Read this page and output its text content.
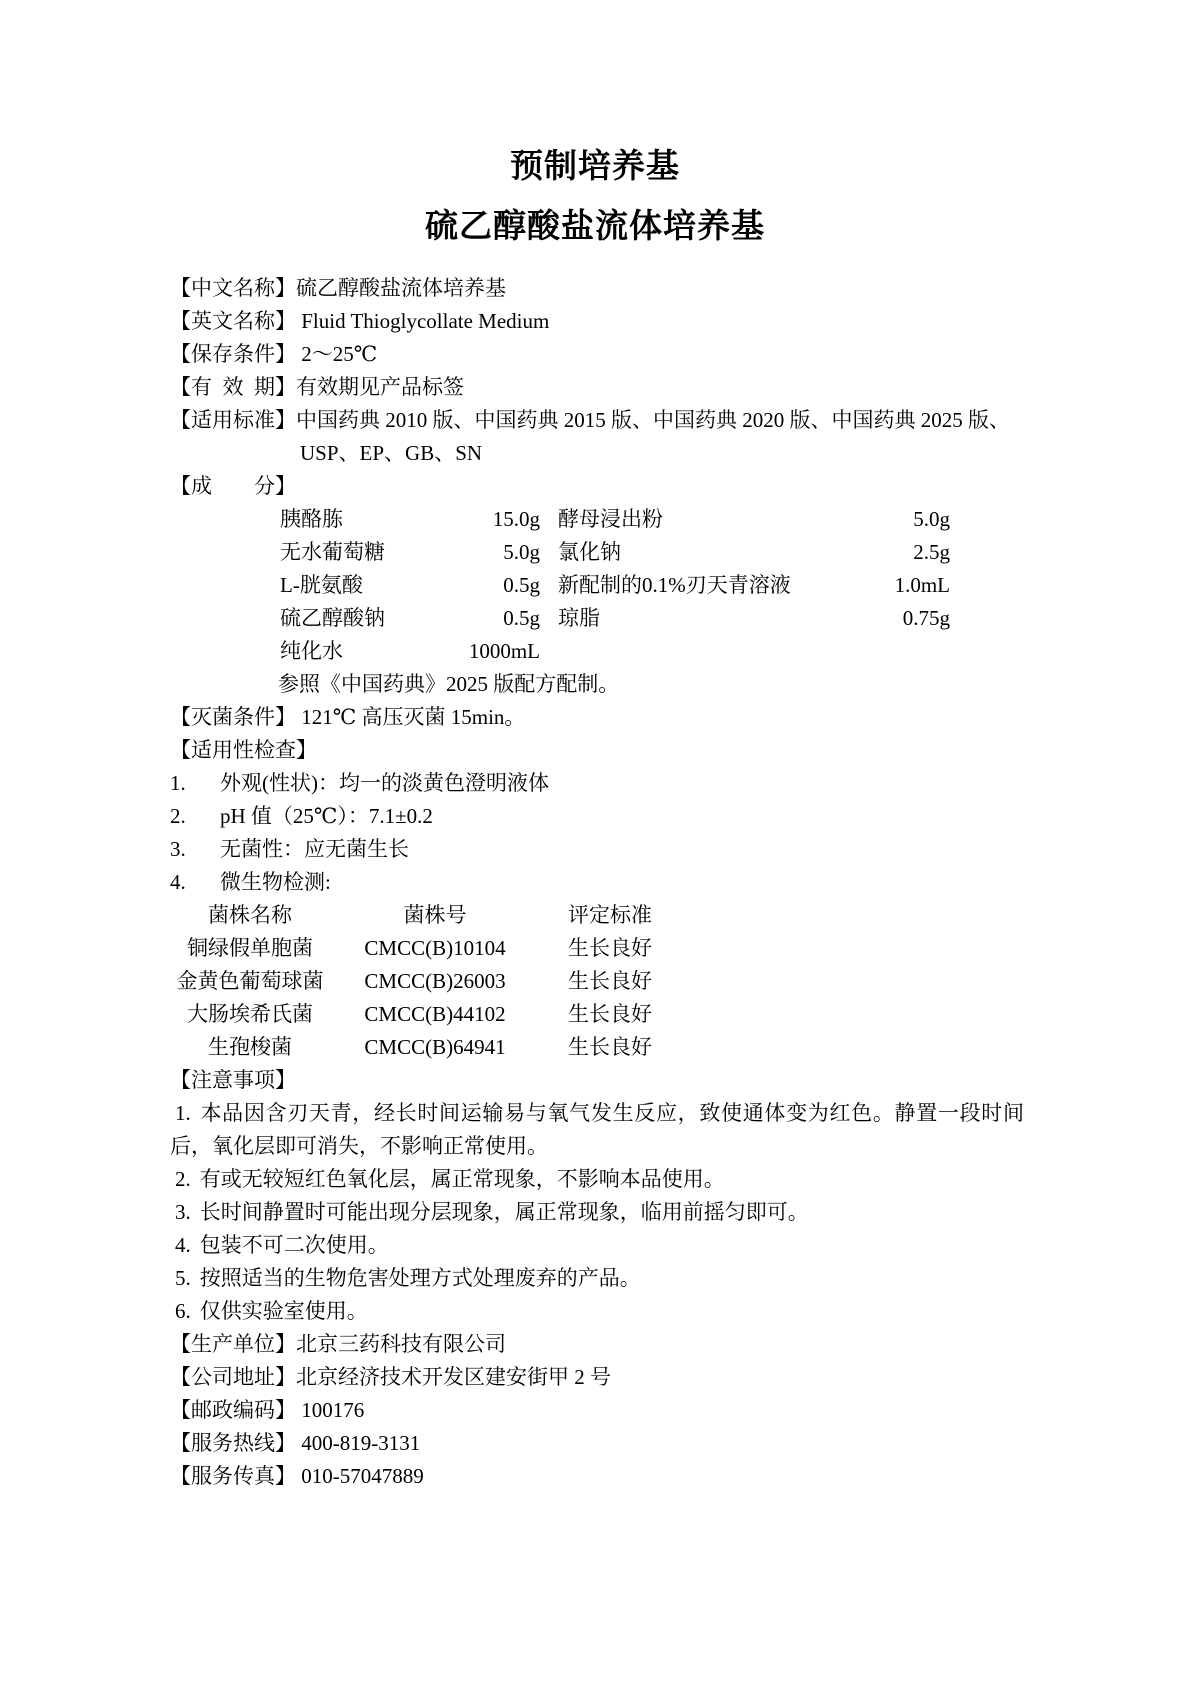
预制培养基
硫乙醇酸盐流体培养基
【中文名称】硫乙醇酸盐流体培养基
【英文名称】 Fluid Thioglycollate Medium
【保存条件】 2～25℃
【有 效 期】有效期见产品标签
【适用标准】中国药典 2010 版、中国药典 2015 版、中国药典 2020 版、中国药典 2025 版、
USP、EP、GB、SN
【成　　分】
胰酪胨	15.0g 酵母浸出粉	5.0g
无水葡萄糖	5.0g 氯化钠	2.5g
L-胱氨酸	0.5g 新配制的0.1%刃天青溶液	1.0mL
硫乙醇酸钠	0.5g 琼脂	0.75g
纯化水	1000mL
参照《中国药典》2025 版配方配制。
【灭菌条件】 121℃ 高压灭菌 15min。
【适用性检查】
1. 外观(性状)：均一的淡黄色澄明液体
2. pH 值（25℃）：7.1±0.2
3. 无菌性：应无菌生长
4. 微生物检测:
菌株名称	菌株号	评定标准
铜绿假单胞菌	CMCC(B)10104	生长良好
金黄色葡萄球菌	CMCC(B)26003	生长良好
大肠埃希氏菌	CMCC(B)44102	生长良好
生孢梭菌	CMCC(B)64941	生长良好
【注意事项】
1. 本品因含刃天青，经长时间运输易与氧气发生反应，致使通体变为红色。静置一段时间后，氧化层即可消失，不影响正常使用。
2. 有或无较短红色氧化层，属正常现象，不影响本品使用。
3. 长时间静置时可能出现分层现象，属正常现象，临用前摇匀即可。
4. 包装不可二次使用。
5. 按照适当的生物危害处理方式处理废弃的产品。
6. 仅供实验室使用。
【生产单位】北京三药科技有限公司
【公司地址】北京经济技术开发区建安街甲 2 号
【邮政编码】 100176
【服务热线】 400-819-3131
【服务传真】 010-57047889
